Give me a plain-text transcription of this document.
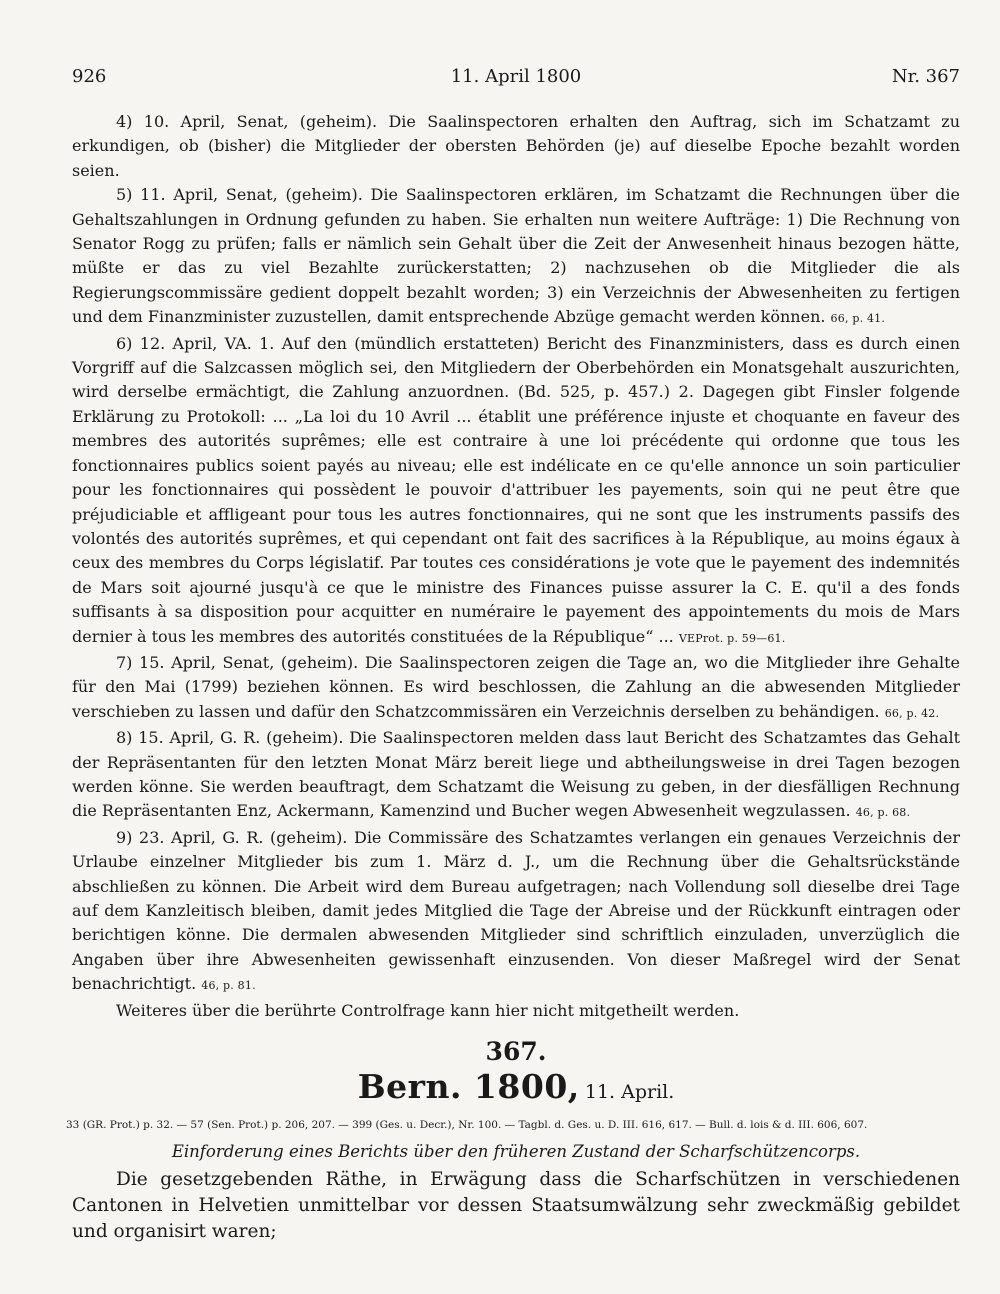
926	11. April 1800	Nr. 367

4) 10. April, Senat, (geheim). Die Saalinspectoren erhalten den Auftrag, sich im Schatzamt zu erkundigen, ob (bisher) die Mitglieder der obersten Behörden (je) auf dieselbe Epoche bezahlt worden seien.

5) 11. April, Senat, (geheim). Die Saalinspectoren erklären, im Schatzamt die Rechnungen über die Gehaltszahlungen in Ordnung gefunden zu haben. Sie erhalten nun weitere Aufträge: 1) Die Rechnung von Senator Rogg zu prüfen; falls er nämlich sein Gehalt über die Zeit der Anwesenheit hinaus bezogen hätte, müßte er das zu viel Bezahlte zurückerstatten; 2) nachzusehen ob die Mitglieder die als Regierungscommissäre gedient doppelt bezahlt worden; 3) ein Verzeichnis der Abwesenheiten zu fertigen und dem Finanzminister zuzustellen, damit entsprechende Abzüge gemacht werden können. 66, p. 41.

6) 12. April, VA. 1. Auf den (mündlich erstatteten) Bericht des Finanzministers, dass es durch einen Vorgriff auf die Salzcassen möglich sei, den Mitgliedern der Oberbehörden ein Monatsgehalt auszurichten, wird derselbe ermächtigt, die Zahlung anzuordnen. (Bd. 525, p. 457.) 2. Dagegen gibt Finsler folgende Erklärung zu Protokoll: ... „La loi du 10 Avril ... établit une préférence injuste et choquante en faveur des membres des autorités suprêmes; elle est contraire à une loi précédente qui ordonne que tous les fonctionnaires publics soient payés au niveau; elle est indélicate en ce qu'elle annonce un soin particulier pour les fonctionnaires qui possèdent le pouvoir d'attribuer les payements, soin qui ne peut être que préjudiciable et affligeant pour tous les autres fonctionnaires, qui ne sont que les instruments passifs des volontés des autorités suprêmes, et qui cependant ont fait des sacrifices à la République, au moins égaux à ceux des membres du Corps législatif. Par toutes ces considérations je vote que le payement des indemnités de Mars soit ajourné jusqu'à ce que le ministre des Finances puisse assurer la C. E. qu'il a des fonds suffisants à sa disposition pour acquitter en numéraire le payement des appointements du mois de Mars dernier à tous les membres des autorités constituées de la République“ ... VEProt. p. 59—61.

7) 15. April, Senat, (geheim). Die Saalinspectoren zeigen die Tage an, wo die Mitglieder ihre Gehalte für den Mai (1799) beziehen können. Es wird beschlossen, die Zahlung an die abwesenden Mitglieder verschieben zu lassen und dafür den Schatzcommissären ein Verzeichnis derselben zu behändigen. 66, p. 42.

8) 15. April, G. R. (geheim). Die Saalinspectoren melden dass laut Bericht des Schatzamtes das Gehalt der Repräsentanten für den letzten Monat März bereit liege und abtheilungsweise in drei Tagen bezogen werden könne. Sie werden beauftragt, dem Schatzamt die Weisung zu geben, in der diesfälligen Rechnung die Repräsentanten Enz, Ackermann, Kamenzind und Bucher wegen Abwesenheit wegzulassen. 46, p. 68.

9) 23. April, G. R. (geheim). Die Commissäre des Schatzamtes verlangen ein genaues Verzeichnis der Urlaube einzelner Mitglieder bis zum 1. März d. J., um die Rechnung über die Gehaltsrückstände abschließen zu können. Die Arbeit wird dem Bureau aufgetragen; nach Vollendung soll dieselbe drei Tage auf dem Kanzleitisch bleiben, damit jedes Mitglied die Tage der Abreise und der Rückkunft eintragen oder berichtigen könne. Die dermalen abwesenden Mitglieder sind schriftlich einzuladen, unverzüglich die Angaben über ihre Abwesenheiten gewissenhaft einzusenden. Von dieser Maßregel wird der Senat benachrichtigt. 46, p. 81.

Weiteres über die berührte Controlfrage kann hier nicht mitgetheilt werden.

367.

Bern. 1800, 11. April.

33 (GR. Prot.) p. 32. — 57 (Sen. Prot.) p. 206, 207. — 399 (Ges. u. Decr.), Nr. 100. — Tagbl. d. Ges. u. D. III. 616, 617. — Bull. d. lois & d. III. 606, 607.

Einforderung eines Berichts über den früheren Zustand der Scharfschützencorps.

Die gesetzgebenden Räthe, in Erwägung dass die Scharfschützen in verschiedenen Cantonen in Helvetien unmittelbar vor dessen Staatsumwälzung sehr zweckmäßig gebildet und organisirt waren;
